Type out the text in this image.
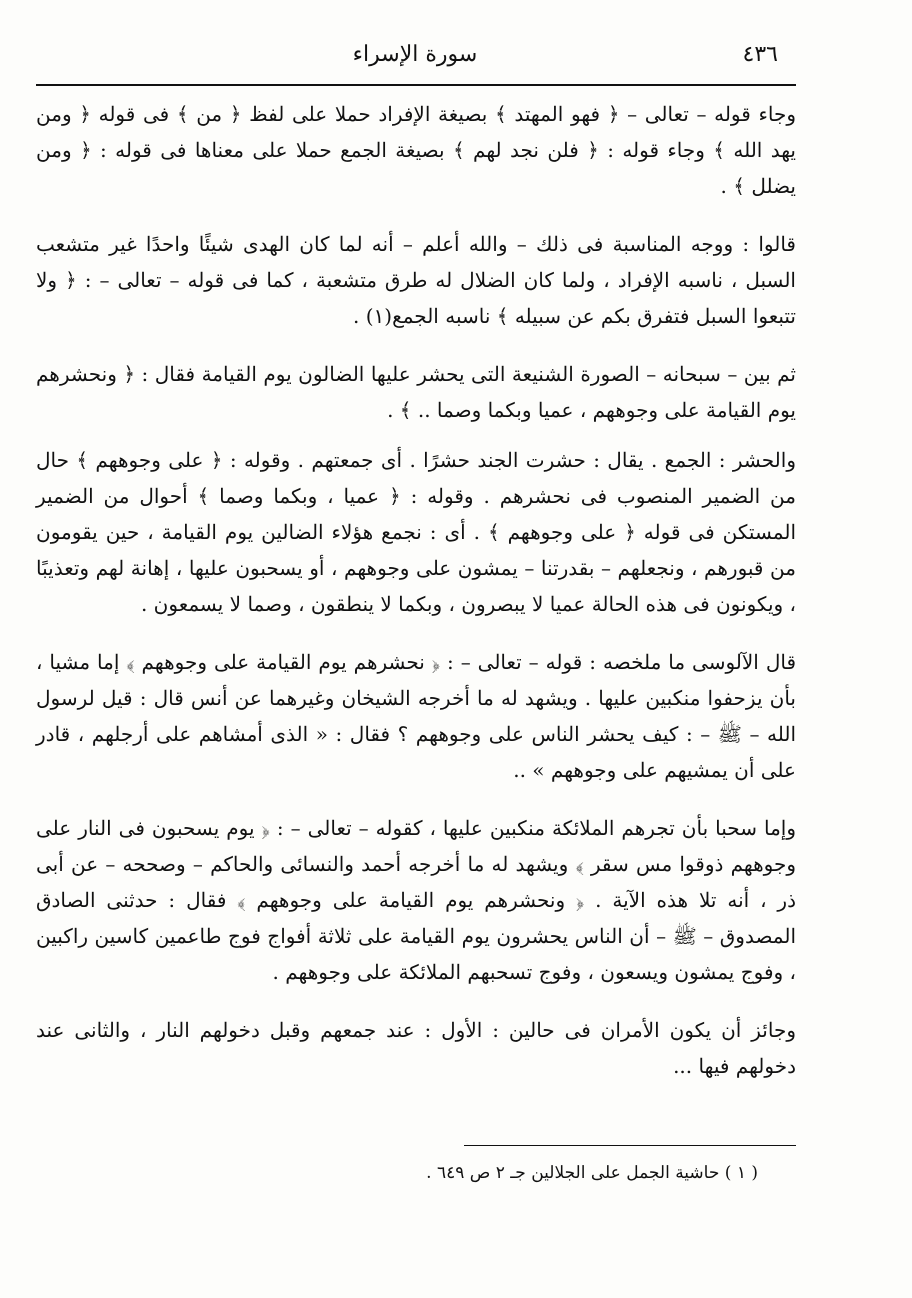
٤٣٦
سورة الإسراء

وجاء قوله – تعالى – ﴿ فهو المهتد ﴾ بصيغة الإفراد حملا على لفظ ﴿ من ﴾ فى قوله ﴿ ومن يهد الله ﴾ وجاء قوله : ﴿ فلن نجد لهم ﴾ بصيغة الجمع حملا على معناها فى قوله : ﴿ ومن يضلل ﴾ .

قالوا : ووجه المناسبة فى ذلك – والله أعلم – أنه لما كان الهدى شيئًا واحدًا غير متشعب السبل ، ناسبه الإفراد ، ولما كان الضلال له طرق متشعبة ، كما فى قوله – تعالى – : ﴿ ولا تتبعوا السبل فتفرق بكم عن سبيله ﴾ ناسبه الجمع(١) .

ثم بين – سبحانه – الصورة الشنيعة التى يحشر عليها الضالون يوم القيامة فقال : ﴿ ونحشرهم يوم القيامة على وجوههم ، عميا وبكما وصما .. ﴾ .

والحشر : الجمع . يقال : حشرت الجند حشرًا . أى جمعتهم . وقوله : ﴿ على وجوههم ﴾ حال من الضمير المنصوب فى نحشرهم . وقوله : ﴿ عميا ، وبكما وصما ﴾ أحوال من الضمير المستكن فى قوله ﴿ على وجوههم ﴾ . أى : نجمع هؤلاء الضالين يوم القيامة ، حين يقومون من قبورهم ، ونجعلهم – بقدرتنا – يمشون على وجوههم ، أو يسحبون عليها ، إهانة لهم وتعذيبًا ، ويكونون فى هذه الحالة عميا لا يبصرون ، وبكما لا ينطقون ، وصما لا يسمعون .

قال الآلوسى ما ملخصه : قوله – تعالى – : ﴿ نحشرهم يوم القيامة على وجوههم ﴾ إما مشيا ، بأن يزحفوا منكبين عليها . ويشهد له ما أخرجه الشيخان وغيرهما عن أنس قال : قيل لرسول الله – ﷺ – : كيف يحشر الناس على وجوههم ؟ فقال : « الذى أمشاهم على أرجلهم ، قادر على أن يمشيهم على وجوههم » ..

وإما سحبا بأن تجرهم الملائكة منكبين عليها ، كقوله – تعالى – : ﴿ يوم يسحبون فى النار على وجوههم ذوقوا مس سقر ﴾ ويشهد له ما أخرجه أحمد والنسائى والحاكم – وصححه – عن أبى ذر ، أنه تلا هذه الآية . ﴿ ونحشرهم يوم القيامة على وجوههم ﴾ فقال : حدثنى الصادق المصدوق – ﷺ – أن الناس يحشرون يوم القيامة على ثلاثة أفواج فوج طاعمين كاسين راكبين ، وفوج يمشون ويسعون ، وفوج تسحبهم الملائكة على وجوههم .

وجائز أن يكون الأمران فى حالين : الأول : عند جمعهم وقبل دخولهم النار ، والثانى عند دخولهم فيها ...

( ١ ) حاشية الجمل على الجلالين جـ ٢ ص ٦٤٩ .
